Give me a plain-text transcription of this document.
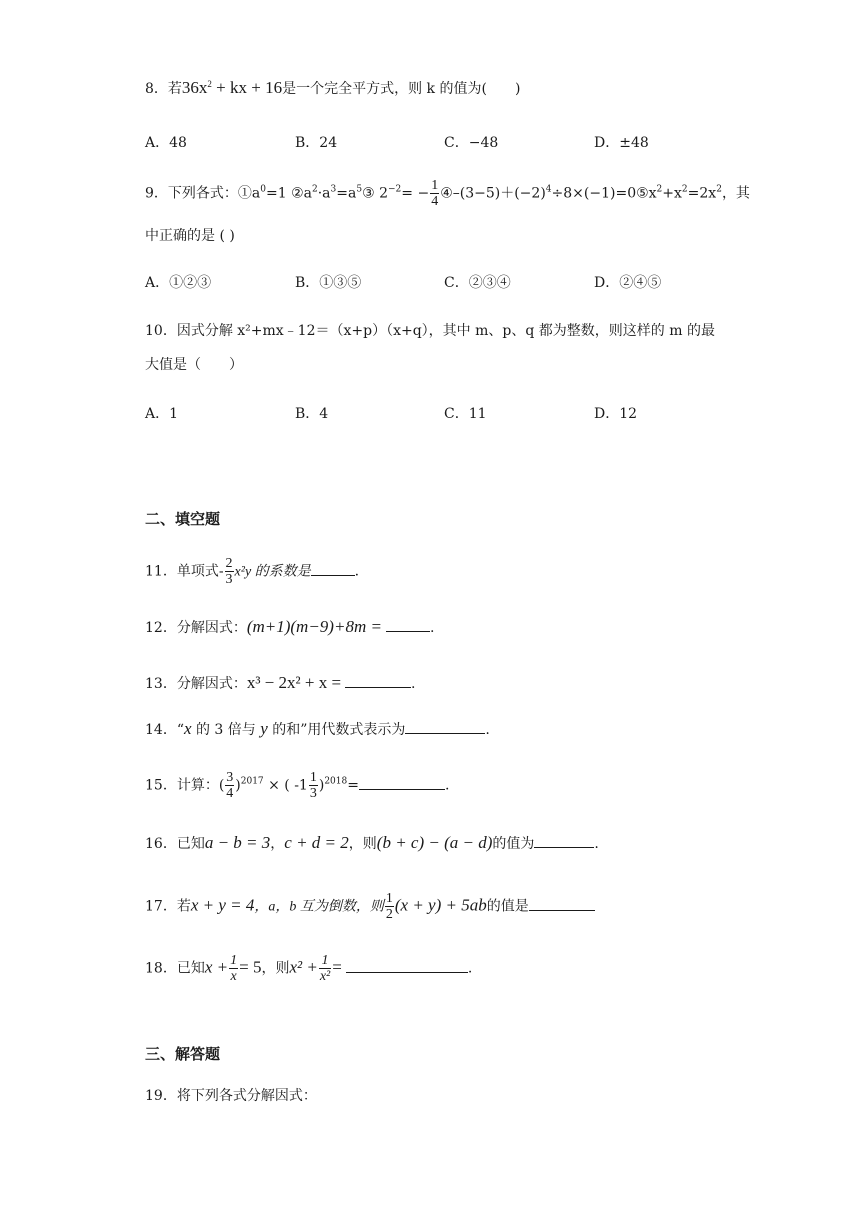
8．若$36x^2$ + kx + 16是一个完全平方式，则 k 的值为(　　)
A．48	B．24	C．−48	D．±48
9．下列各式：$①a^0=1$ $②a^2\cdot a^3=a^5③$ $2^{-2}= - \frac{1}{4}$ $④-(3-5)+(-2)^4\div 8\times(-1)=0⑤x^2+x^2=2x^2$，其
中正确的是 ( )
A．①②③	B．①③⑤	C．②③④	D．②④⑤
10．因式分解 x²+mx﹣12＝（x+p）（x+q），其中 m、p、q 都为整数，则这样的 m 的最
大值是（　　）
A．1	B．4	C．11	D．12
二、填空题
11．单项式- $\frac{2}{3} x^2y$ 的系数是	.
12．分解因式：(m+1)(m−9)+8m =	.
13．分解因式：x³ − 2x² + x =	.
14．“x 的 3 倍与 y 的和”用代数式表示为	.
15．计算：( $\frac{3}{4} )^{2017}$ × ( $-1 \frac{1}{3} )^{2018}=$	.
16．已知a − b = 3，c + d = 2，则(b + c) − (a − d)的值为	.
17．若x + y = 4，a，b 互为倒数，则 $\frac{1}{2} (x + y) + 5ab$的值是
18．已知$x + \frac{1}{x} = 5$，则$x^2 + \frac{1}{\text{x²}}$ =	.
三、解答题
19．将下列各式分解因式：
